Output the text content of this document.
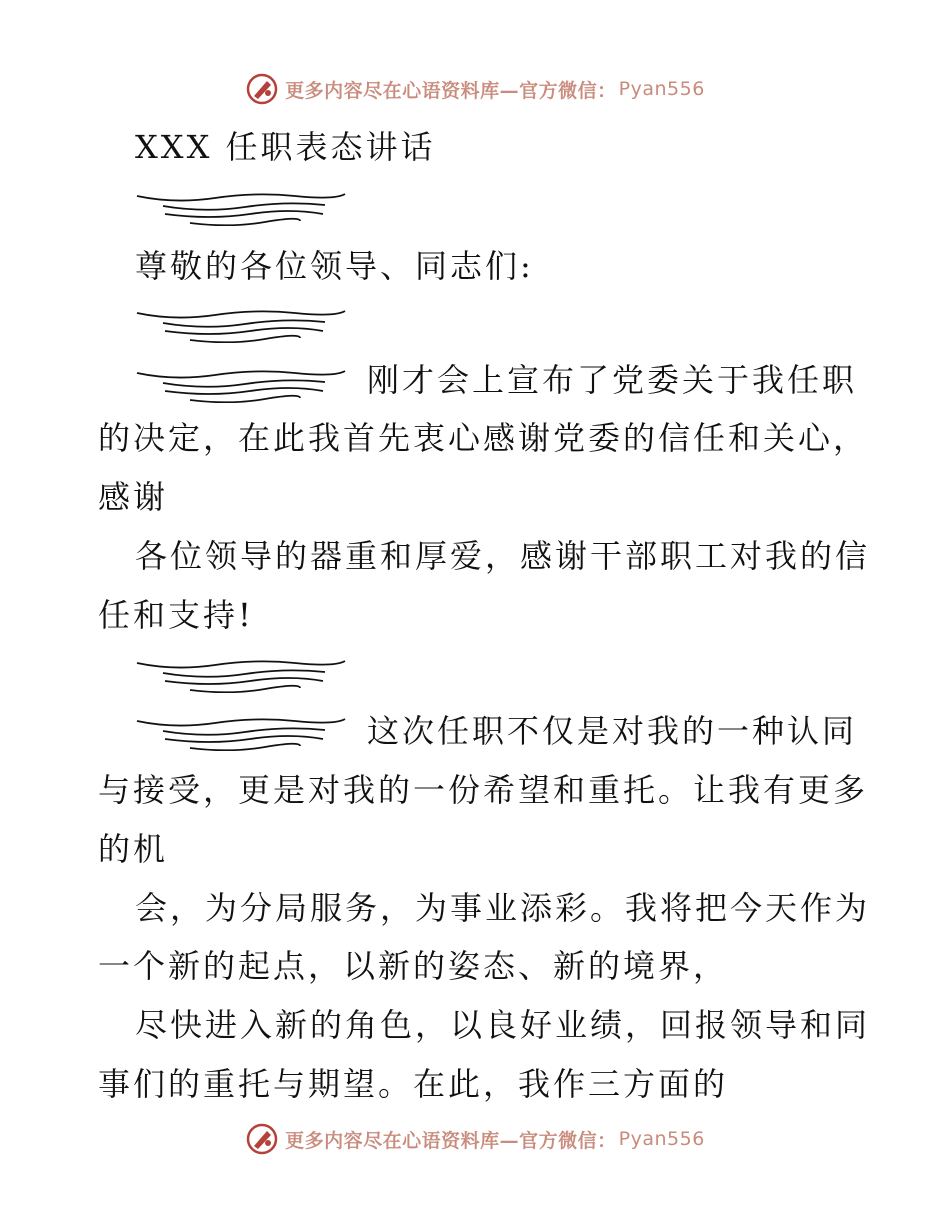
更多内容尽在心语资料库—官方微信： Pyan556
XXX 任职表态讲话
尊敬的各位领导、同志们:
刚才会上宣布了党委关于我任职
的决定，在此我首先衷心感谢党委的信任和关心，
感谢
各位领导的器重和厚爱，感谢干部职工对我的信
任和支持!
这次任职不仅是对我的一种认同
与接受，更是对我的一份希望和重托。让我有更多
的机
会，为分局服务，为事业添彩。我将把今天作为
一个新的起点，以新的姿态、新的境界，
尽快进入新的角色，以良好业绩，回报领导和同
事们的重托与期望。在此，我作三方面的
更多内容尽在心语资料库—官方微信： Pyan556
